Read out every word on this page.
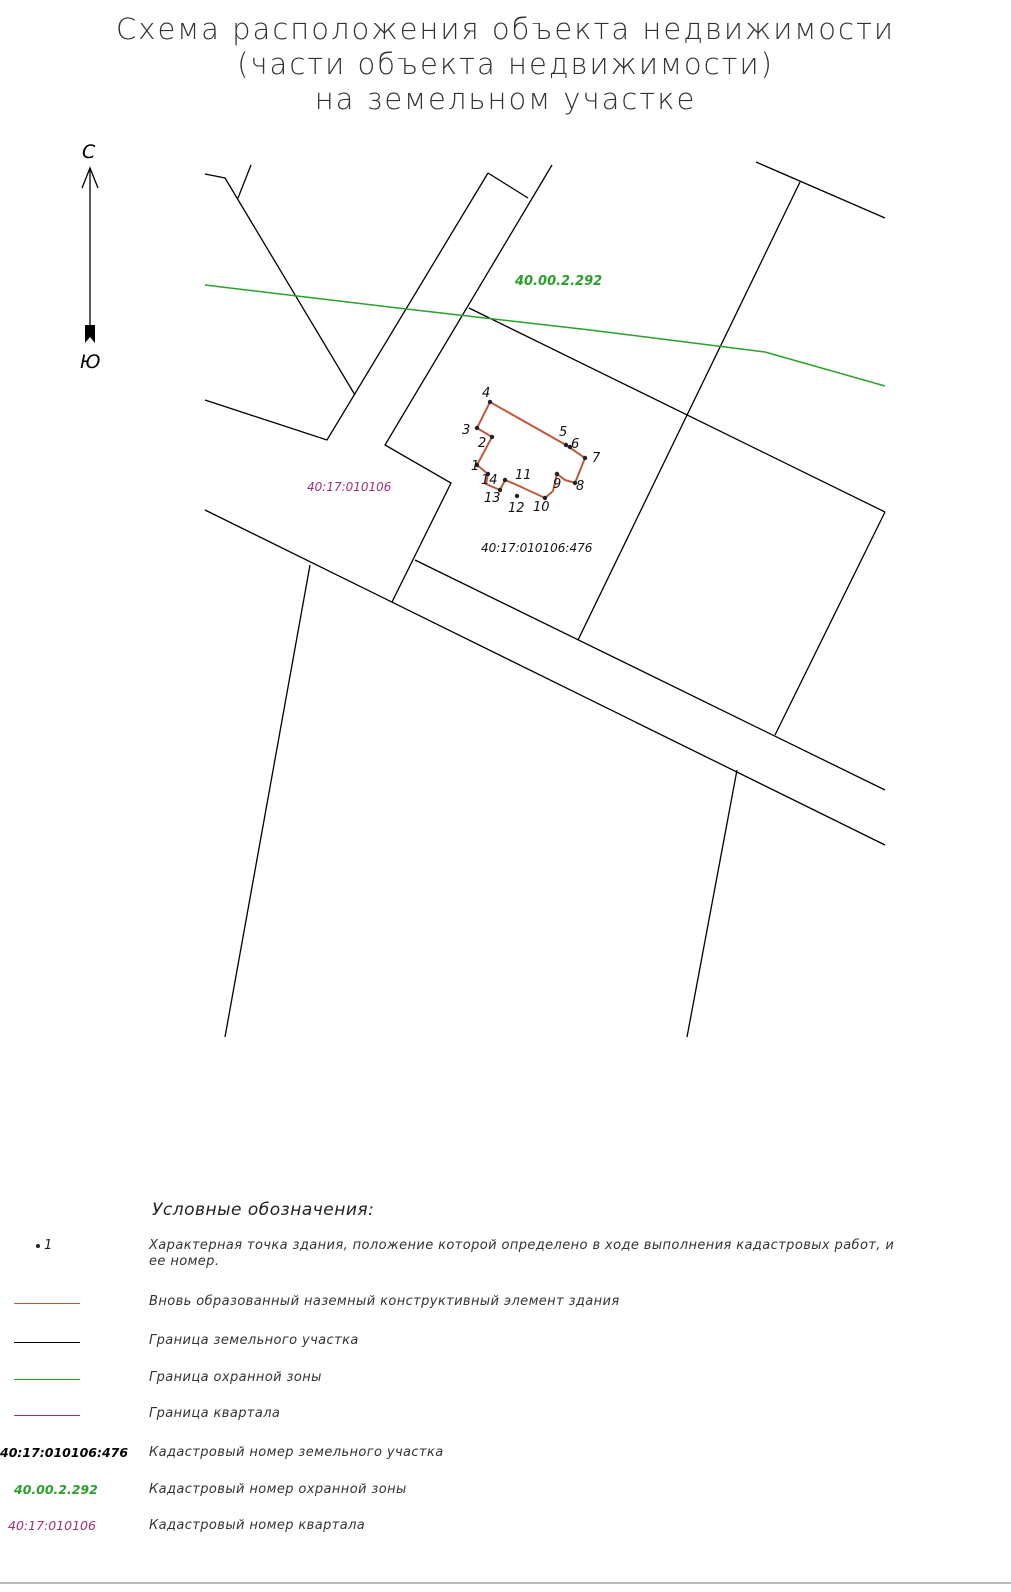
Схема расположения объекта недвижимости
(части объекта недвижимости)
на земельном участке
С
Ю
1
2
3
4
5
6
7
8
9
10
11
12
13
14
40.00.2.292
40:17:010106
40:17:010106:476
Условные обозначения:
1	Характерная точка здания, положение которой определено в ходе выполнения кадастровых работ, и ее номер.
Вновь образованный наземный конструктивный элемент здания
Граница земельного участка
Граница охранной зоны
Граница квартала
40:17:010106:476 Кадастровый номер земельного участка
40.00.2.292	Кадастровый номер охранной зоны
40:17:010106	Кадастровый номер квартала
